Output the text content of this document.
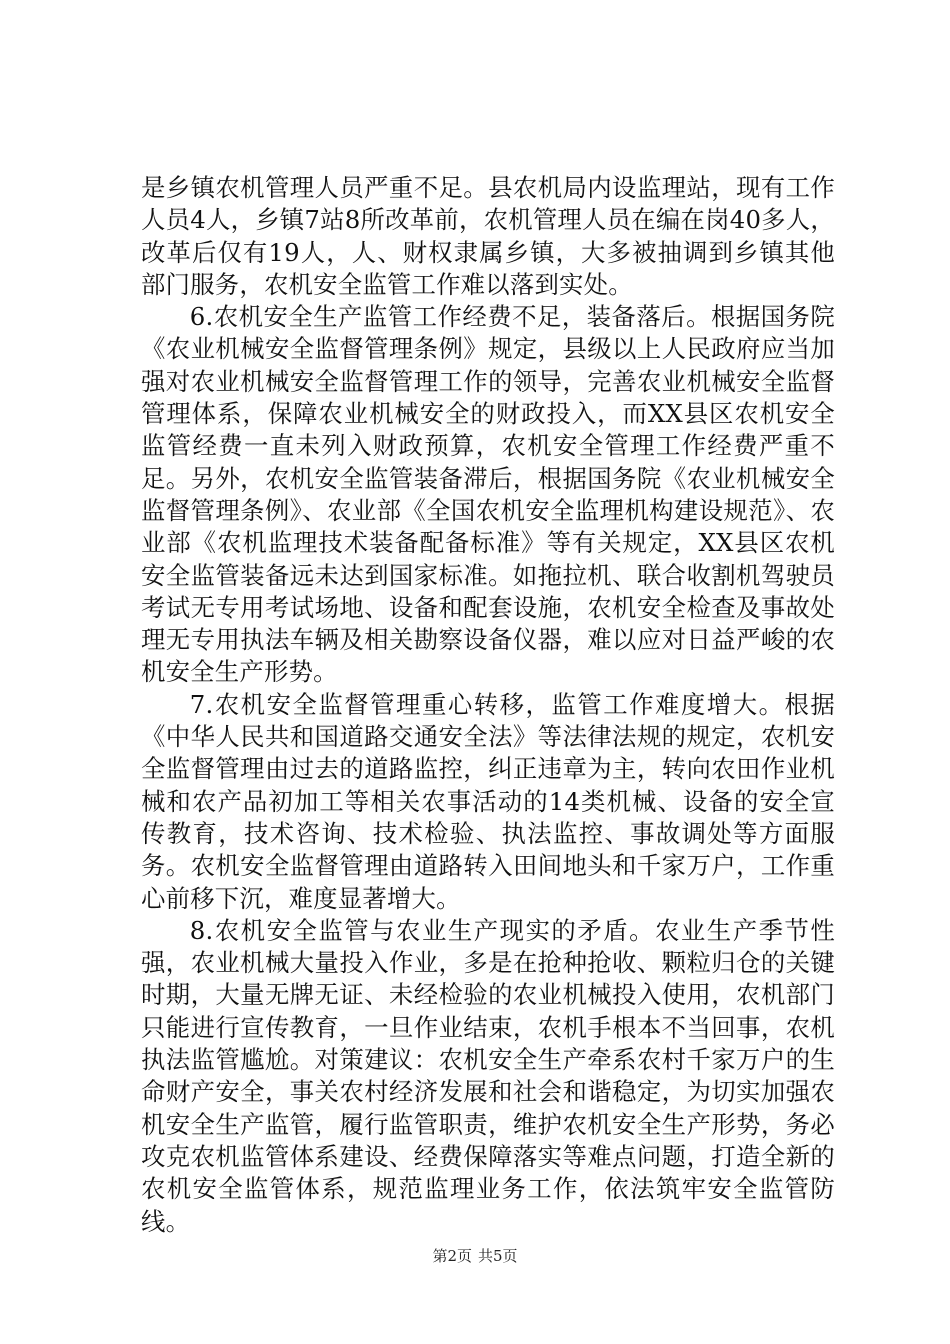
是乡镇农机管理人员严重不足。县农机局内设监理站，现有工作人员4人，乡镇7站8所改革前，农机管理人员在编在岗40多人，改革后仅有19人，人、财权隶属乡镇，大多被抽调到乡镇其他部门服务，农机安全监管工作难以落到实处。

6.农机安全生产监管工作经费不足，装备落后。根据国务院《农业机械安全监督管理条例》规定，县级以上人民政府应当加强对农业机械安全监督管理工作的领导，完善农业机械安全监督管理体系，保障农业机械安全的财政投入，而XX县区农机安全监管经费一直未列入财政预算，农机安全管理工作经费严重不足。另外，农机安全监管装备滞后，根据国务院《农业机械安全监督管理条例》、农业部《全国农机安全监理机构建设规范》、农业部《农机监理技术装备配备标准》等有关规定，XX县区农机安全监管装备远未达到国家标准。如拖拉机、联合收割机驾驶员考试无专用考试场地、设备和配套设施，农机安全检查及事故处理无专用执法车辆及相关勘察设备仪器，难以应对日益严峻的农机安全生产形势。

7.农机安全监督管理重心转移，监管工作难度增大。根据《中华人民共和国道路交通安全法》等法律法规的规定，农机安全监督管理由过去的道路监控，纠正违章为主，转向农田作业机械和农产品初加工等相关农事活动的14类机械、设备的安全宣传教育，技术咨询、技术检验、执法监控、事故调处等方面服务。农机安全监督管理由道路转入田间地头和千家万户，工作重心前移下沉，难度显著增大。

8.农机安全监管与农业生产现实的矛盾。农业生产季节性强，农业机械大量投入作业，多是在抢种抢收、颗粒归仓的关键时期，大量无牌无证、未经检验的农业机械投入使用，农机部门只能进行宣传教育，一旦作业结束，农机手根本不当回事，农机执法监管尴尬。对策建议：农机安全生产牵系农村千家万户的生命财产安全，事关农村经济发展和社会和谐稳定，为切实加强农机安全生产监管，履行监管职责，维护农机安全生产形势，务必攻克农机监管体系建设、经费保障落实等难点问题，打造全新的农机安全监管体系，规范监理业务工作，依法筑牢安全监管防线。

第2页 共5页
